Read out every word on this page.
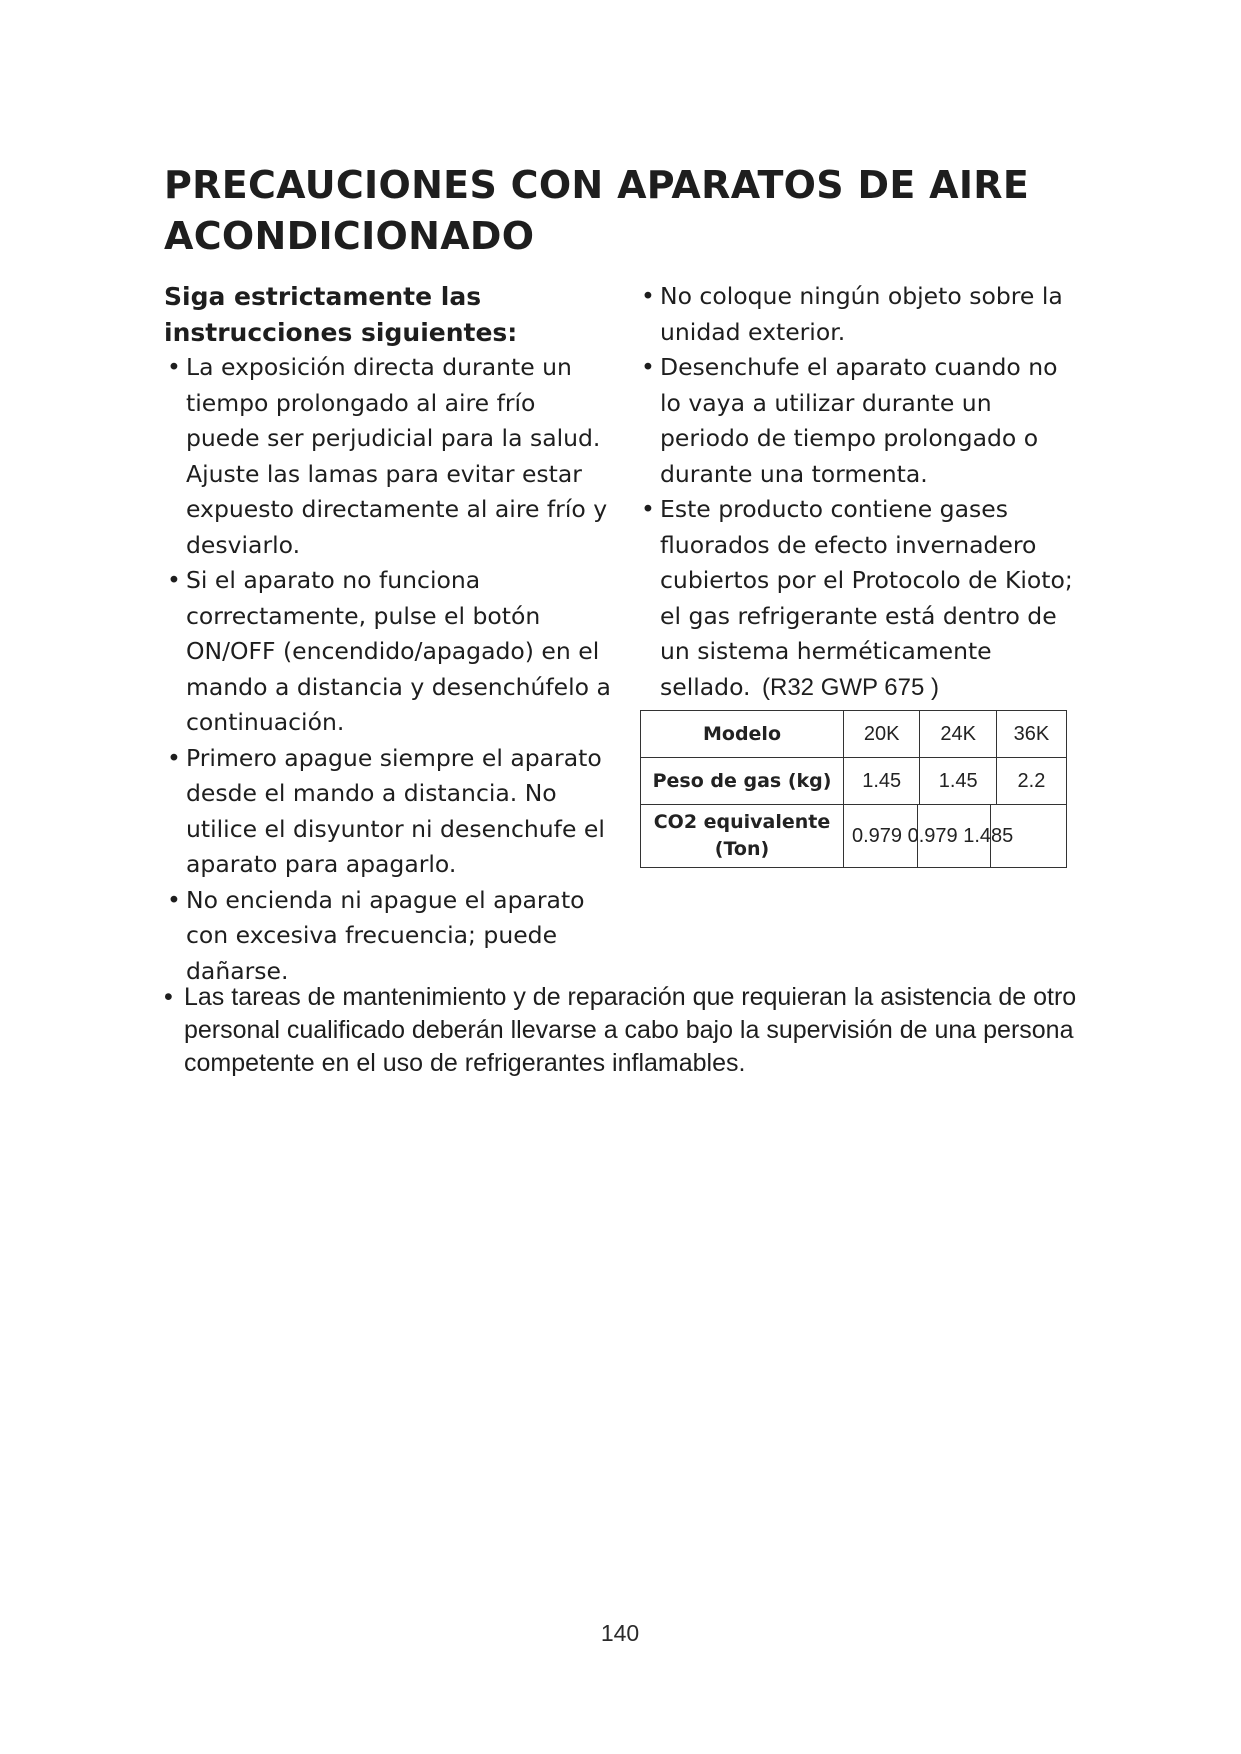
PRECAUCIONES CON APARATOS DE AIRE ACONDICIONADO

Siga estrictamente las instrucciones siguientes:

• La exposición directa durante un tiempo prolongado al aire frío puede ser perjudicial para la salud. Ajuste las lamas para evitar estar expuesto directamente al aire frío y desviarlo.
• Si el aparato no funciona correctamente, pulse el botón ON/OFF (encendido/apagado) en el mando a distancia y desenchúfelo a continuación.
• Primero apague siempre el aparato desde el mando a distancia. No utilice el disyuntor ni desenchufe el aparato para apagarlo.
• No encienda ni apague el aparato con excesiva frecuencia; puede dañarse.
• No coloque ningún objeto sobre la unidad exterior.
• Desenchufe el aparato cuando no lo vaya a utilizar durante un periodo de tiempo prolongado o durante una tormenta.
• Este producto contiene gases fluorados de efecto invernadero cubiertos por el Protocolo de Kioto; el gas refrigerante está dentro de un sistema herméticamente sellado. (R32 GWP 675 )
Modelo	20K	24K	36K
Peso de gas (kg)	1.45	1.45	2.2
CO2 equivalente
(Ton)	0.979 0.979 1.485		

• Las tareas de mantenimiento y de reparación que requieran la asistencia de otro personal cualificado deberán llevarse a cabo bajo la supervisión de una persona competente en el uso de refrigerantes inflamables.

140
